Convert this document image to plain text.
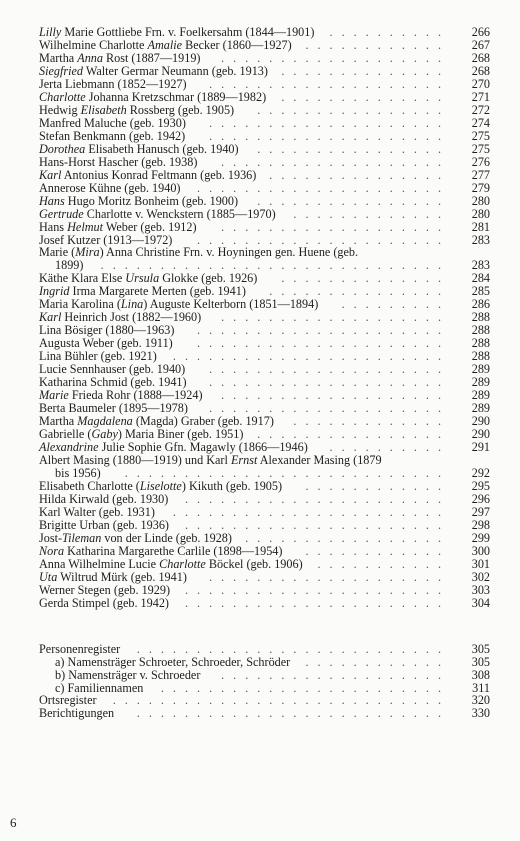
Lilly Marie Gottliebe Frn. v. Foelkersahm (1844—1901)	266
..........
Wilhelmine Charlotte Amalie Becker (1860—1927)	267
............
Martha Anna Rost (1887—1919)	268
...................
Siegfried Walter Germar Neumann (geb. 1913)	268
..............
Jerta Liebmann (1852—1927)	270
....................
Charlotte Johanna Kretzschmar (1889—1982)	271
..............
Hedwig Elisabeth Rossberg (geb. 1905)	272
................
Manfred Maluche (geb. 1930)	274
....................
Stefan Benkmann (geb. 1942)	275
....................
Dorothea Elisabeth Hanusch (geb. 1940)	275
................
Hans-Horst Hascher (geb. 1938)	276
...................
Karl Antonius Konrad Feltmann (geb. 1936)	277
...............
Annerose Kühne (geb. 1940)	279
.....................
Hans Hugo Moritz Bonheim (geb. 1900)	280
................
Gertrude Charlotte v. Wenckstern (1885—1970)	280
.............
Hans Helmut Weber (geb. 1912)	281
...................
Josef Kutzer (1913—1972)	283
.....................
Marie (Mira) Anna Christine Frn. v. Hoyningen gen. Huene (geb.
1899)	283
.............................
Käthe Klara Else Ursula Glokke (geb. 1926)	284
..............
Ingrid Irma Margarete Merten (geb. 1941)	285
...............
Maria Karolina (Lina) Auguste Kelterborn (1851—1894)	286
.........
Karl Heinrich Jost (1882—1960)	288
...................
Lina Bösiger (1880—1963)	288
.....................
Augusta Weber (geb. 1911)	288
.....................
Lina Bühler (geb. 1921)	288
.......................
Lucie Sennhauser (geb. 1940)	289
....................
Katharina Schmid (geb. 1941)	289
....................
Marie Frieda Rohr (1888—1924)	289
...................
Berta Baumeler (1895—1978)	289
....................
Martha Magdalena (Magda) Graber (geb. 1917)	290
.............
Gabrielle (Gaby) Maria Biner (geb. 1951)	290
................
Alexandrine Julie Sophie Gfn. Magawly (1866—1946)	291
..........
Albert Masing (1880—1919) und Karl Ernst Alexander Masing (1879
bis 1956)	292
...........................
Elisabeth Charlotte (Liselotte) Kikuth (geb. 1905)	295
............
Hilda Kirwald (geb. 1930)	296
......................
Karl Walter (geb. 1931)	297
.......................
Brigitte Urban (geb. 1936)	298
......................
Jost-Tileman von der Linde (geb. 1928)	299
.................
Nora Katharina Margarethe Carlile (1898—1954)	300
............
Anna Wilhelmine Lucie Charlotte Böckel (geb. 1906)	301
...........
Uta Wiltrud Mürk (geb. 1941)	302
....................
Werner Stegen (geb. 1929)	303
......................
Gerda Stimpel (geb. 1942)	304
......................
Personenregister	305
..........................
a) Namensträger Schroeter, Schroeder, Schröder	305
............
b) Namensträger v. Schroeder	308
...................
c) Familiennamen	311
........................
Ortsregister	320
............................
Berichtigungen	330
..........................
6
